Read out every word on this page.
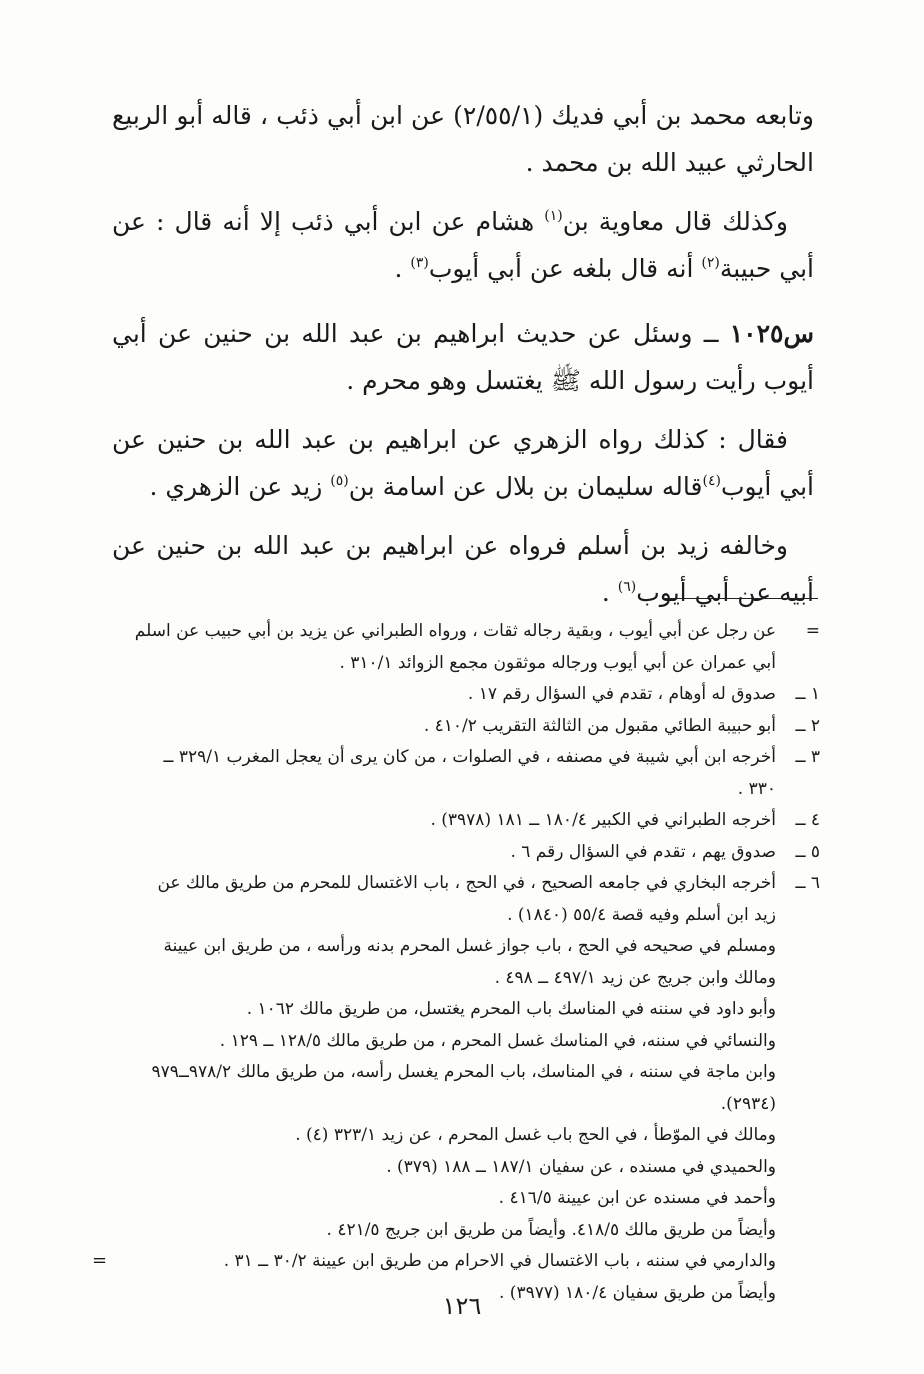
وتابعه محمد بن أبي فديك (٢/٥٥/١) عن ابن أبي ذئب ، قاله أبو الربيع الحارثي عبيد الله بن محمد .

وكذلك قال معاوية بن$^{(١)}$ هشام عن ابن أبي ذئب إلا أنه قال : عن أبي حبيبة$^{(٢)}$ أنه قال بلغه عن أبي أيوب$^{(٣)}$ .

س١٠٢٥ ــ وسئل عن حديث ابراهيم بن عبد الله بن حنين عن أبي أيوب رأيت رسول الله ﷺ يغتسل وهو محرم .

فقال : كذلك رواه الزهري عن ابراهيم بن عبد الله بن حنين عن أبي أيوب$^{(٤)}$قاله سليمان بن بلال عن اسامة بن$^{(٥)}$ زيد عن الزهري .

وخالفه زيد بن أسلم فرواه عن ابراهيم بن عبد الله بن حنين عن أبيه عن أبي أيوب$^{(٦)}$ .

=
عن رجل عن أبي أيوب ، وبقية رجاله ثقات ، ورواه الطبراني عن يزيد بن أبي حبيب عن اسلم أبي عمران عن أبي أيوب ورجاله موثقون مجمع الزوائد ٣١٠/١ .
١ ــ
صدوق له أوهام ، تقدم في السؤال رقم ١٧ .
٢ ــ
أبو حبيبة الطائي مقبول من الثالثة التقريب ٤١٠/٢ .
٣ ــ
أخرجه ابن أبي شيبة في مصنفه ، في الصلوات ، من كان يرى أن يعجل المغرب ٣٢٩/١ ــ ٣٣٠ .
٤ ــ
أخرجه الطبراني في الكبير ١٨٠/٤ ــ ١٨١ (٣٩٧٨) .
٥ ــ
صدوق يهم ، تقدم في السؤال رقم ٦ .
٦ ــ
أخرجه البخاري في جامعه الصحيح ، في الحج ، باب الاغتسال للمحرم من طريق مالك عن زيد ابن أسلم وفيه قصة ٥٥/٤ (١٨٤٠) .
ومسلم في صحيحه في الحج ، باب جواز غسل المحرم بدنه ورأسه ، من طريق ابن عيينة ومالك وابن جريج عن زيد ٤٩٧/١ ــ ٤٩٨ .
وأبو داود في سننه في المناسك باب المحرم يغتسل، من طريق مالك ١٠٦٢ .
والنسائي في سننه، في المناسك غسل المحرم ، من طريق مالك ١٢٨/٥ ــ ١٢٩ .
وابن ماجة في سننه ، في المناسك، باب المحرم يغسل رأسه، من طريق مالك ٩٧٨/٢ــ٩٧٩ (٢٩٣٤).
ومالك في الموّطأ ، في الحج باب غسل المحرم ، عن زيد ٣٢٣/١ (٤) .
والحميدي في مسنده ، عن سفيان ١٨٧/١ ــ ١٨٨ (٣٧٩) .
وأحمد في مسنده عن ابن عيينة ٤١٦/٥ .
وأيضاً من طريق مالك ٤١٨/٥. وأيضاً من طريق ابن جريج ٤٢١/٥ .
والدارمي في سننه ، باب الاغتسال في الاحرام من طريق ابن عيينة ٣٠/٢ ــ ٣١ .
وأيضاً من طريق سفيان ١٨٠/٤ (٣٩٧٧) .
=
١٢٦
